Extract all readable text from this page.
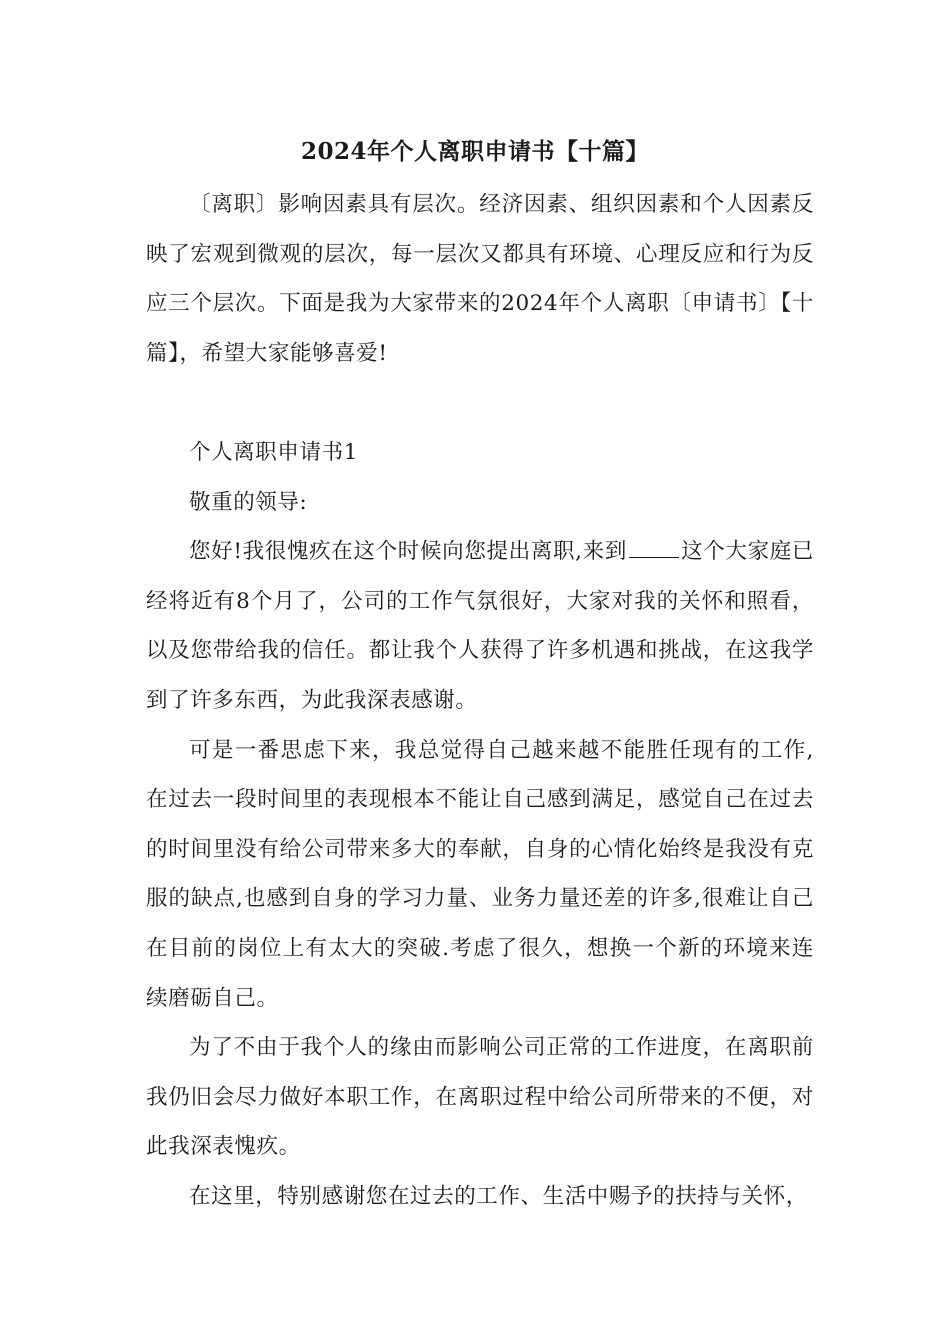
2024年个人离职申请书【十篇】

〔离职〕影响因素具有层次。经济因素、组织因素和个人因素反映了宏观到微观的层次，每一层次又都具有环境、心理反应和行为反应三个层次。下面是我为大家带来的2024年个人离职〔申请书〕【十篇】，希望大家能够喜爱!

个人离职申请书1

敬重的领导:

您好!我很愧疚在这个时候向您提出离职,来到	这个大家庭已经将近有8个月了，公司的工作气氛很好，大家对我的关怀和照看，以及您带给我的信任。都让我个人获得了许多机遇和挑战，在这我学到了许多东西，为此我深表感谢。

可是一番思虑下来，我总觉得自己越来越不能胜任现有的工作,在过去一段时间里的表现根本不能让自己感到满足，感觉自己在过去的时间里没有给公司带来多大的奉献，自身的心情化始终是我没有克服的缺点,也感到自身的学习力量、业务力量还差的许多,很难让自己在目前的岗位上有太大的突破.考虑了很久，想换一个新的环境来连续磨砺自己。

为了不由于我个人的缘由而影响公司正常的工作进度，在离职前我仍旧会尽力做好本职工作，在离职过程中给公司所带来的不便，对此我深表愧疚。

在这里，特别感谢您在过去的工作、生活中赐予的扶持与关怀，
